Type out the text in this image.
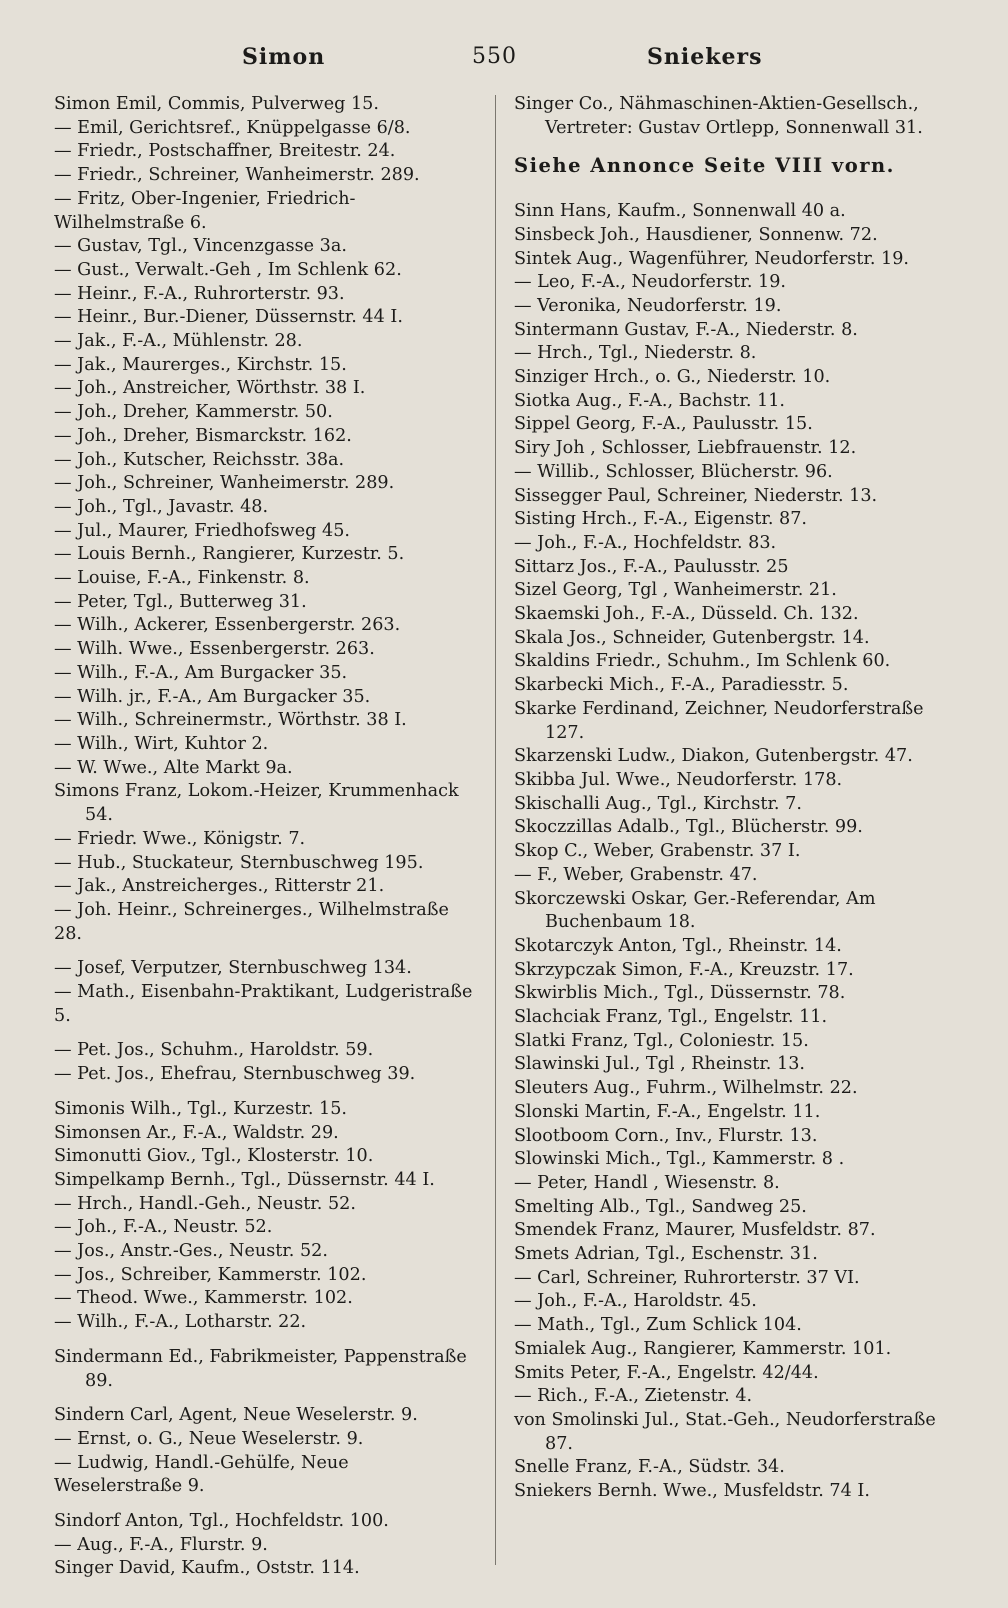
Simon	550	Sniekers
Simon Emil, Commis, Pulverweg 15.
— Emil, Gerichtsref., Knüppelgasse 6/8.
— Friedr., Postschaffner, Breitestr. 24.
— Friedr., Schreiner, Wanheimerstr. 289.
— Fritz, Ober-Ingenier, Friedrich-Wilhelmstraße 6.
— Gustav, Tgl., Vincenzgasse 3a.
— Gust., Verwalt.-Geh , Im Schlenk 62.
— Heinr., F.-A., Ruhrorterstr. 93.
— Heinr., Bur.-Diener, Düssernstr. 44 I.
— Jak., F.-A., Mühlenstr. 28.
— Jak., Maurerges., Kirchstr. 15.
— Joh., Anstreicher, Wörthstr. 38 I.
— Joh., Dreher, Kammerstr. 50.
— Joh., Dreher, Bismarckstr. 162.
— Joh., Kutscher, Reichsstr. 38a.
— Joh., Schreiner, Wanheimerstr. 289.
— Joh., Tgl., Javastr. 48.
— Jul., Maurer, Friedhofsweg 45.
— Louis Bernh., Rangierer, Kurzestr. 5.
— Louise, F.-A., Finkenstr. 8.
— Peter, Tgl., Butterweg 31.
— Wilh., Ackerer, Essenbergerstr. 263.
— Wilh. Wwe., Essenbergerstr. 263.
— Wilh., F.-A., Am Burgacker 35.
— Wilh. jr., F.-A., Am Burgacker 35.
— Wilh., Schreinermstr., Wörthstr. 38 I.
— Wilh., Wirt, Kuhtor 2.
— W. Wwe., Alte Markt 9a.
Simons Franz, Lokom.-Heizer, Krummenhack 54.
— Friedr. Wwe., Königstr. 7.
— Hub., Stuckateur, Sternbuschweg 195.
— Jak., Anstreicherges., Ritterstr 21.
— Joh. Heinr., Schreinerges., Wilhelmstraße 28.
— Josef, Verputzer, Sternbuschweg 134.
— Math., Eisenbahn-Praktikant, Ludgeristraße 5.
— Pet. Jos., Schuhm., Haroldstr. 59.
— Pet. Jos., Ehefrau, Sternbuschweg 39.
Simonis Wilh., Tgl., Kurzestr. 15.
Simonsen Ar., F.-A., Waldstr. 29.
Simonutti Giov., Tgl., Klosterstr. 10.
Simpelkamp Bernh., Tgl., Düssernstr. 44 I.
— Hrch., Handl.-Geh., Neustr. 52.
— Joh., F.-A., Neustr. 52.
— Jos., Anstr.-Ges., Neustr. 52.
— Jos., Schreiber, Kammerstr. 102.
— Theod. Wwe., Kammerstr. 102.
— Wilh., F.-A., Lotharstr. 22.
Sindermann Ed., Fabrikmeister, Pappenstraße 89.
Sindern Carl, Agent, Neue Weselerstr. 9.
— Ernst, o. G., Neue Weselerstr. 9.
— Ludwig, Handl.-Gehülfe, Neue Weselerstraße 9.
Sindorf Anton, Tgl., Hochfeldstr. 100.
— Aug., F.-A., Flurstr. 9.
Singer David, Kaufm., Oststr. 114.
Singer Co., Nähmaschinen-Aktien-Gesellsch., Vertreter: Gustav Ortlepp, Sonnenwall 31.
Siehe Annonce Seite VIII vorn.
Sinn Hans, Kaufm., Sonnenwall 40 a.
Sinsbeck Joh., Hausdiener, Sonnenw. 72.
Sintek Aug., Wagenführer, Neudorferstr. 19.
— Leo, F.-A., Neudorferstr. 19.
— Veronika, Neudorferstr. 19.
Sintermann Gustav, F.-A., Niederstr. 8.
— Hrch., Tgl., Niederstr. 8.
Sinziger Hrch., o. G., Niederstr. 10.
Siotka Aug., F.-A., Bachstr. 11.
Sippel Georg, F.-A., Paulusstr. 15.
Siry Joh , Schlosser, Liebfrauenstr. 12.
— Willib., Schlosser, Blücherstr. 96.
Sissegger Paul, Schreiner, Niederstr. 13.
Sisting Hrch., F.-A., Eigenstr. 87.
— Joh., F.-A., Hochfeldstr. 83.
Sittarz Jos., F.-A., Paulusstr. 25
Sizel Georg, Tgl , Wanheimerstr. 21.
Skaemski Joh., F.-A., Düsseld. Ch. 132.
Skala Jos., Schneider, Gutenbergstr. 14.
Skaldins Friedr., Schuhm., Im Schlenk 60.
Skarbecki Mich., F.-A., Paradiesstr. 5.
Skarke Ferdinand, Zeichner, Neudorferstraße 127.
Skarzenski Ludw., Diakon, Gutenbergstr. 47.
Skibba Jul. Wwe., Neudorferstr. 178.
Skischalli Aug., Tgl., Kirchstr. 7.
Skoczzillas Adalb., Tgl., Blücherstr. 99.
Skop C., Weber, Grabenstr. 37 I.
— F., Weber, Grabenstr. 47.
Skorczewski Oskar, Ger.-Referendar, Am Buchenbaum 18.
Skotarczyk Anton, Tgl., Rheinstr. 14.
Skrzypczak Simon, F.-A., Kreuzstr. 17.
Skwirblis Mich., Tgl., Düssernstr. 78.
Slachciak Franz, Tgl., Engelstr. 11.
Slatki Franz, Tgl., Coloniestr. 15.
Slawinski Jul., Tgl , Rheinstr. 13.
Sleuters Aug., Fuhrm., Wilhelmstr. 22.
Slonski Martin, F.-A., Engelstr. 11.
Slootboom Corn., Inv., Flurstr. 13.
Slowinski Mich., Tgl., Kammerstr. 8 .
— Peter, Handl , Wiesenstr. 8.
Smelting Alb., Tgl., Sandweg 25.
Smendek Franz, Maurer, Musfeldstr. 87.
Smets Adrian, Tgl., Eschenstr. 31.
— Carl, Schreiner, Ruhrorterstr. 37 VI.
— Joh., F.-A., Haroldstr. 45.
— Math., Tgl., Zum Schlick 104.
Smialek Aug., Rangierer, Kammerstr. 101.
Smits Peter, F.-A., Engelstr. 42/44.
— Rich., F.-A., Zietenstr. 4.
von Smolinski Jul., Stat.-Geh., Neudorferstraße 87.
Snelle Franz, F.-A., Südstr. 34.
Sniekers Bernh. Wwe., Musfeldstr. 74 I.
